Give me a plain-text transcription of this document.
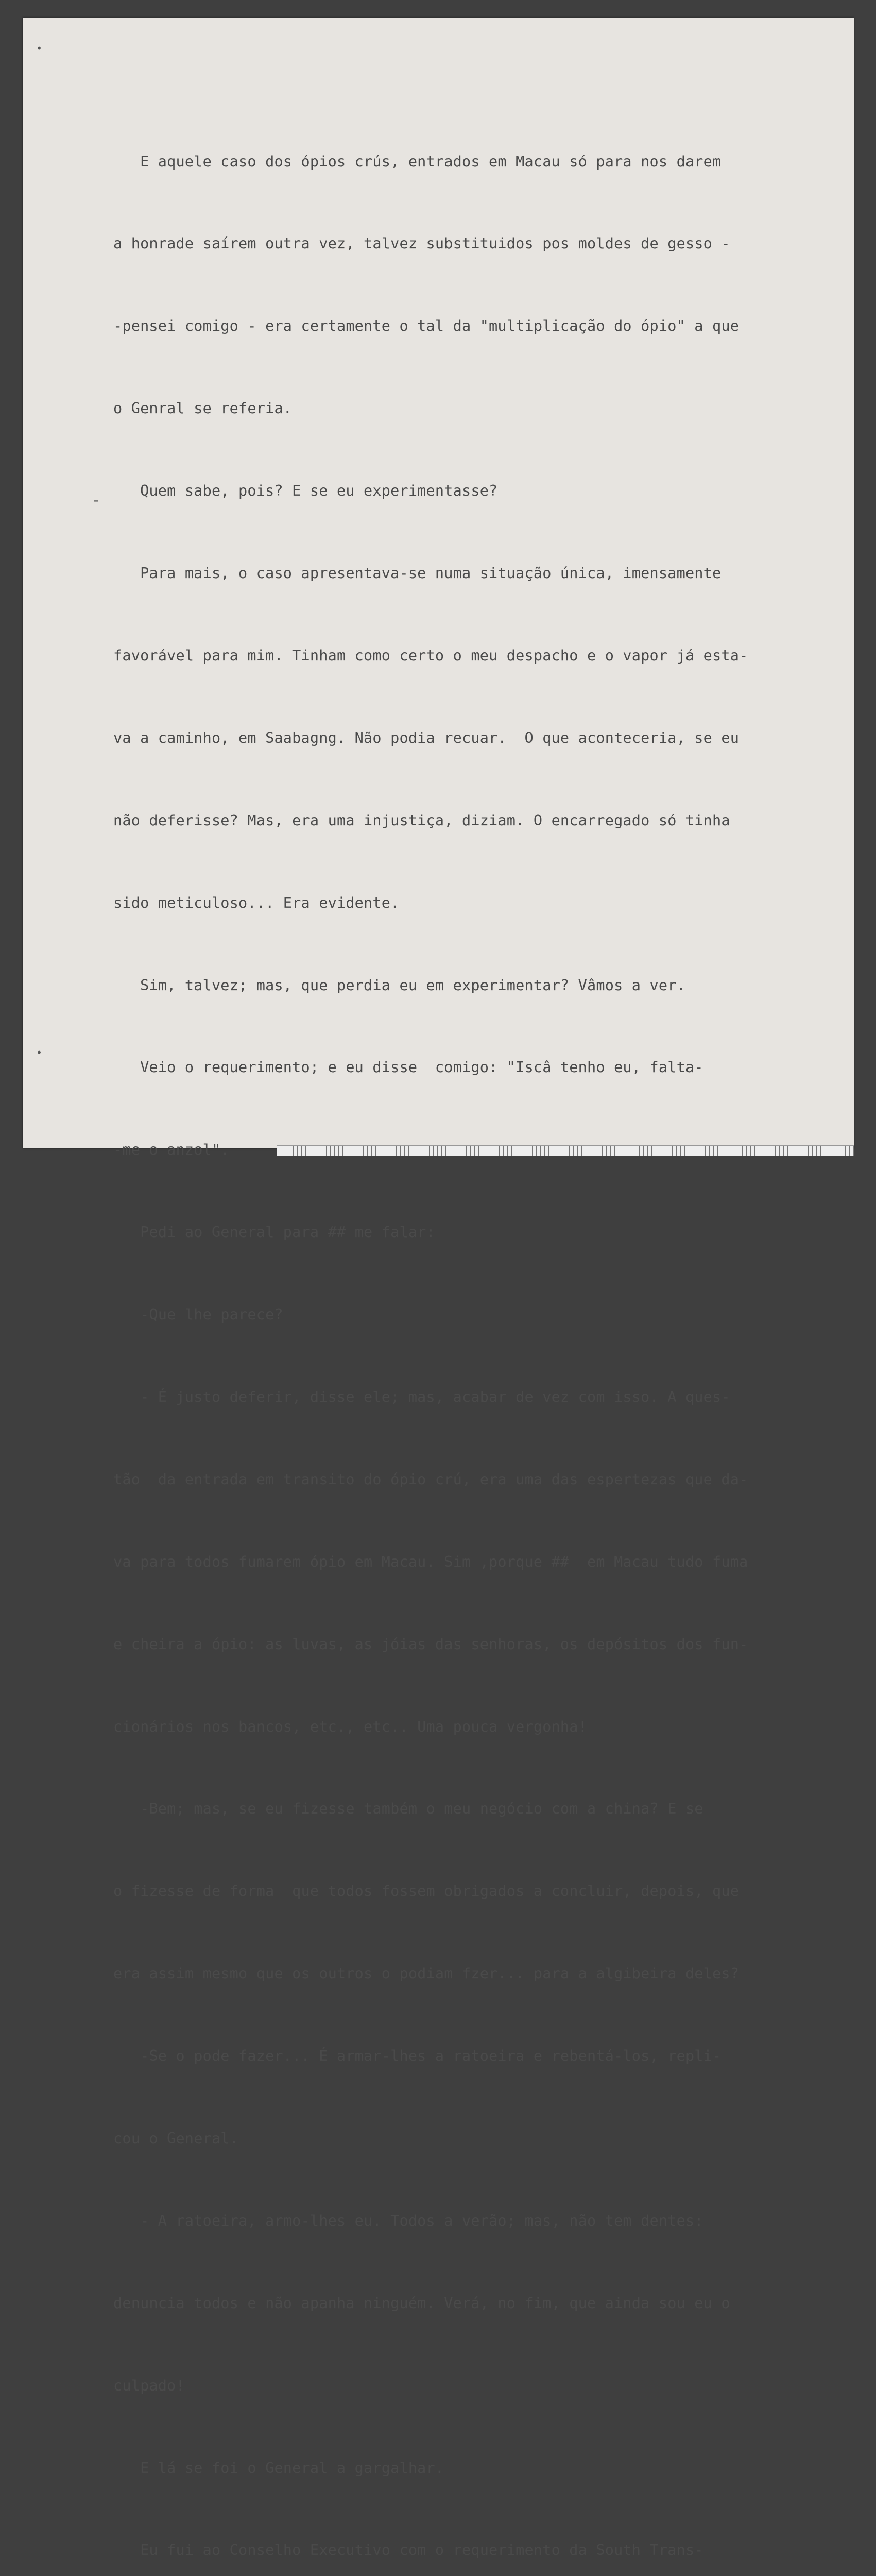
E aquele caso dos ópios crús, entrados em Macau só para nos darem

a honrade saírem outra vez, talvez substituidos pos moldes de gesso -

-pensei comigo - era certamente o tal da "multiplicação do ópio" a que

o Genral se referia.

Quem sabe, pois? E se eu experimentasse?

Para mais, o caso apresentava-se numa situação única, imensamente

favorável para mim. Tinham como certo o meu despacho e o vapor já esta-

va a caminho, em Saabagng. Não podia recuar.  O que aconteceria, se eu

não deferisse? Mas, era uma injustiça, diziam. O encarregado só tinha

sido meticuloso... Era evidente.

Sim, talvez; mas, que perdia eu em experimentar? Vâmos a ver.

Veio o requerimento; e eu disse  comigo: "Iscâ tenho eu, falta-

-me o anzol".

Pedi ao General para ## me falar:

-Que lhe parece?

- É justo deferir, disse ele; mas, acabar de vez com isso. A ques-

tão  da entrada em transito do ópio crú, era uma das espertezas que da-

va para todos fumarem ópio em Macau. Sim ,porque ##  em Macau tudo fuma

e cheira a ópio: as luvas, as jóias das senhoras, os depósitos dos fun-

cionários nos bancos, etc., etc.. Uma pouca vergonha!

-Bem; mas, se eu fizesse também o meu negócio com a china? E se

o fizesse de forma  que todos fossem obrigados a concluir, depois, que

era assim mesmo que os outros o podiam fzer... para a algibeira deles?

-Se o pode fazer... É armar-lhes a ratoeira e rebentá-los, repli-

cou o General.

- A ratoeira, armo-lhes eu. Todos a verão; mas, não tem dentes:

denuncia todos e não apanha ninguém. Verá, no fim, que ainda sou eu o

culpado!

E lá se foi o General a gargalhar.

Eu fui ao Conselho Executivo com o requerimento da South Trans-

•
•
-
